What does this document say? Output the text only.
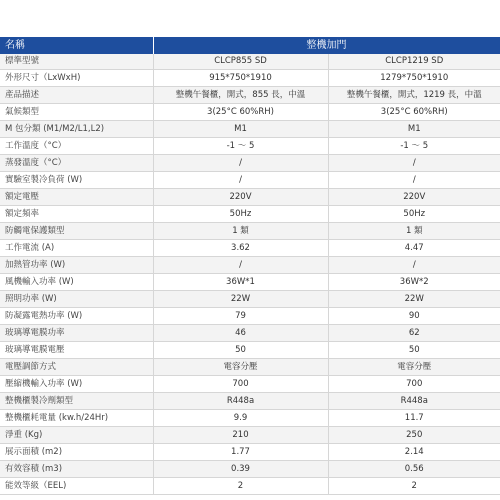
名稱	整機加門	
標準型號	CLCP855 SD	CLCP1219 SD
外形尺寸（LxWxH)	915*750*1910	1279*750*1910
產品描述	整機午餐櫃，開式，855 長，中溫	整機午餐櫃，開式，1219 長，中溫
氣候類型	3(25°C 60%RH)	3(25°C 60%RH)
M 包分類 (M1/M2/L1,L2)	M1	M1
工作溫度（°C）	-1 ～ 5	-1 ～ 5
蒸發溫度（°C）	/	/
實驗室製冷負荷 (W)	/	/
額定電壓	220V	220V
額定頻率	50Hz	50Hz
防觸電保護類型	1 類	1 類
工作電流 (A)	3.62	4.47
加熱管功率 (W)	/	/
風機輸入功率 (W)	36W*1	36W*2
照明功率 (W)	22W	22W
防凝露電熱功率 (W)	79	90
玻璃導電膜功率	46	62
玻璃導電膜電壓	50	50
電壓調節方式	電容分壓	電容分壓
壓縮機輸入功率 (W)	700	700
整機櫃製冷劑類型	R448a	R448a
整機櫃耗電量 (kw.h/24Hr)	9.9	11.7
淨重 (Kg)	210	250
展示面積 (m2)	1.77	2.14
有效容積 (m3)	0.39	0.56
能效等級（EEL)	2	2
